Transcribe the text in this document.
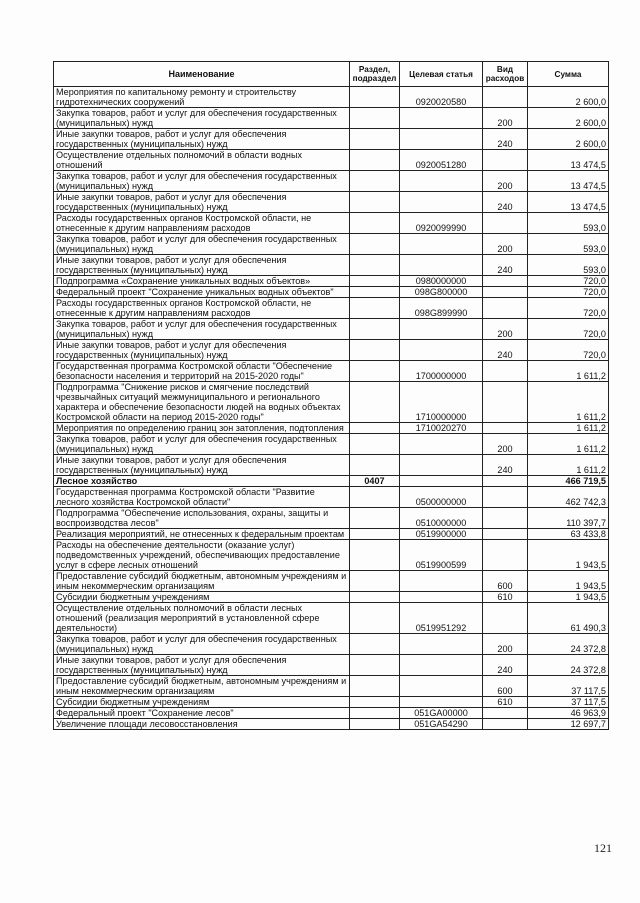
Наименование	Раздел, подраздел	Целевая статья	Вид расходов	Сумма
Мероприятия по капитальному ремонту и строительству гидротехнических сооружений		0920020580		2 600,0
Закупка товаров, работ и услуг для обеспечения государственных (муниципальных) нужд			200	2 600,0
Иные закупки товаров, работ и услуг для обеспечения государственных (муниципальных) нужд			240	2 600,0
Осуществление отдельных полномочий в области водных отношений		0920051280		13 474,5
Закупка товаров, работ и услуг для обеспечения государственных (муниципальных) нужд			200	13 474,5
Иные закупки товаров, работ и услуг для обеспечения государственных (муниципальных) нужд			240	13 474,5
Расходы государственных органов Костромской области, не отнесенные к другим направлениям расходов		0920099990		593,0
Закупка товаров, работ и услуг для обеспечения государственных (муниципальных) нужд			200	593,0
Иные закупки товаров, работ и услуг для обеспечения государственных (муниципальных) нужд			240	593,0
Подпрограмма «Сохранение уникальных водных объектов»		0980000000		720,0
Федеральный проект "Сохранение уникальных водных объектов"		098G800000		720,0
Расходы государственных органов Костромской области, не отнесенные к другим направлениям расходов		098G899990		720,0
Закупка товаров, работ и услуг для обеспечения государственных (муниципальных) нужд			200	720,0
Иные закупки товаров, работ и услуг для обеспечения государственных (муниципальных) нужд			240	720,0
Государственная программа Костромской области "Обеспечение безопасности населения и территорий на 2015-2020 годы"		1700000000		1 611,2
Подпрограмма "Снижение рисков и смягчение последствий чрезвычайных ситуаций межмуниципального и регионального характера и обеспечение безопасности людей на водных объектах Костромской области на период 2015-2020 годы"		1710000000		1 611,2
Мероприятия по определению границ зон затопления, подтопления		1710020270		1 611,2
Закупка товаров, работ и услуг для обеспечения государственных (муниципальных) нужд			200	1 611,2
Иные закупки товаров, работ и услуг для обеспечения государственных (муниципальных) нужд			240	1 611,2
Лесное хозяйство	0407			466 719,5
Государственная программа Костромской области "Развитие лесного хозяйства Костромской области"		0500000000		462 742,3
Подпрограмма "Обеспечение использования, охраны, защиты и воспроизводства лесов"		0510000000		110 397,7
Реализация мероприятий, не отнесенных к федеральным проектам		0519900000		63 433,8
Расходы на обеспечение деятельности (оказание услуг) подведомственных учреждений, обеспечивающих предоставление услуг в сфере лесных отношений		0519900599		1 943,5
Предоставление субсидий бюджетным, автономным учреждениям и иным некоммерческим организациям			600	1 943,5
Субсидии бюджетным учреждениям			610	1 943,5
Осуществление отдельных полномочий в области лесных отношений (реализация мероприятий в установленной сфере деятельности)		0519951292		61 490,3
Закупка товаров, работ и услуг для обеспечения государственных (муниципальных) нужд			200	24 372,8
Иные закупки товаров, работ и услуг для обеспечения государственных (муниципальных) нужд			240	24 372,8
Предоставление субсидий бюджетным, автономным учреждениям и иным некоммерческим организациям			600	37 117,5
Субсидии бюджетным учреждениям			610	37 117,5
Федеральный проект "Сохранение лесов"		051GA00000		46 963,9
Увеличение площади лесовосстановления		051GA54290		12 697,7
121
